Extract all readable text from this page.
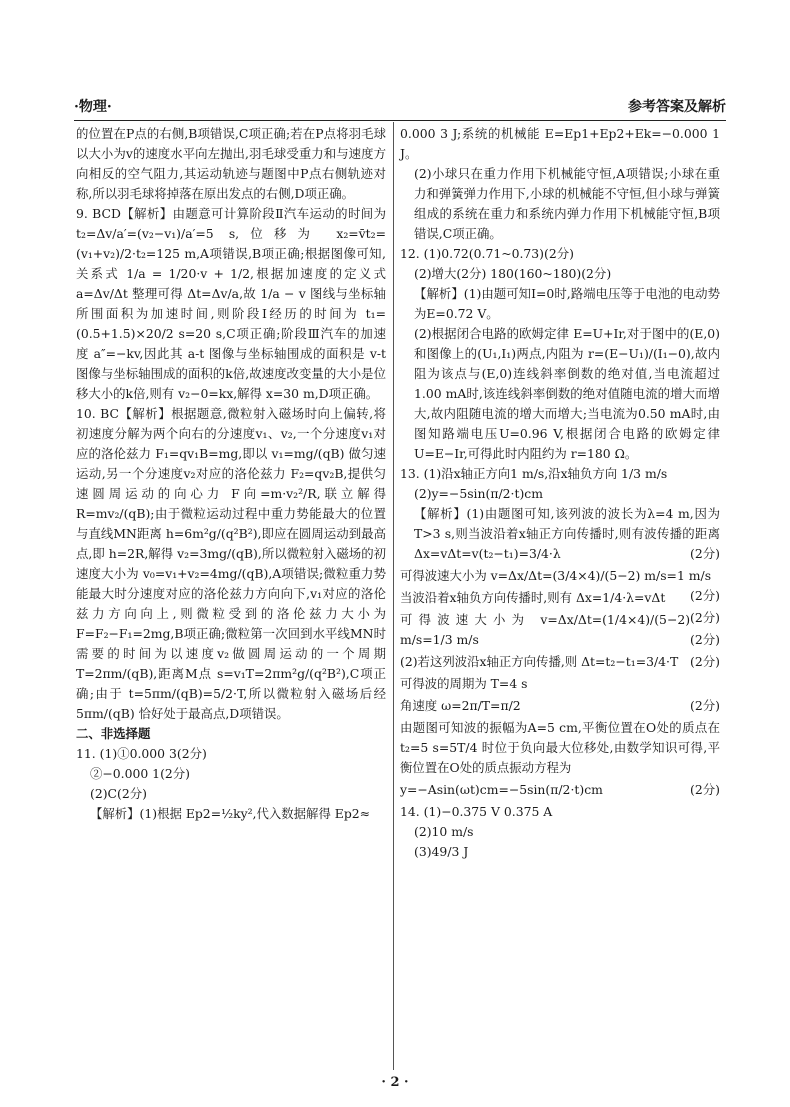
·物理·	参考答案及解析

的位置在P点的右侧,B项错误,C项正确;若在P点将羽毛球以大小为v的速度水平向左抛出,羽毛球受重力和与速度方向相反的空气阻力,其运动轨迹与题图中P点右侧轨迹对称,所以羽毛球将掉落在原出发点的右侧,D项正确。

9. BCD【解析】由题意可计算阶段Ⅱ汽车运动的时间为 t₂=Δv/a′=(v₂−v₁)/a′=5 s,位移为 x₂=v̄t₂=(v₁+v₂)/2·t₂=125 m,A项错误,B项正确;根据图像可知,关系式 1/a = 1/20·v + 1/2,根据加速度的定义式 a=Δv/Δt 整理可得 Δt=Δv/a,故 1/a − v 图线与坐标轴所围面积为加速时间,则阶段Ⅰ经历的时间为 t₁=(0.5+1.5)×20/2 s=20 s,C项正确;阶段Ⅲ汽车的加速度 a″=−kv,因此其 a-t 图像与坐标轴围成的面积是 v-t 图像与坐标轴围成的面积的k倍,故速度改变量的大小是位移大小的k倍,则有 v₂−0=kx,解得 x=30 m,D项正确。

10. BC【解析】根据题意,微粒射入磁场时向上偏转,将初速度分解为两个向右的分速度v₁、v₂,一个分速度v₁对应的洛伦兹力 F₁=qv₁B=mg,即以 v₁=mg/(qB) 做匀速运动,另一个分速度v₂对应的洛伦兹力 F₂=qv₂B,提供匀速圆周运动的向心力 F向=m·v₂²/R,联立解得 R=mv₂/(qB);由于微粒运动过程中重力势能最大的位置与直线MN距离 h=6m²g/(q²B²),即应在圆周运动到最高点,即 h=2R,解得 v₂=3mg/(qB),所以微粒射入磁场的初速度大小为 v₀=v₁+v₂=4mg/(qB),A项错误;微粒重力势能最大时分速度对应的洛伦兹力方向向下,v₁对应的洛伦兹力方向向上,则微粒受到的洛伦兹力大小为 F=F₂−F₁=2mg,B项正确;微粒第一次回到水平线MN时需要的时间为以速度v₂做圆周运动的一个周期 T=2πm/(qB),距离M点 s=v₁T=2πm²g/(q²B²),C项正确;由于 t=5πm/(qB)=5/2·T,所以微粒射入磁场后经 5πm/(qB) 恰好处于最高点,D项错误。

二、非选择题

11. (1)①0.000 3(2分)

②−0.000 1(2分)

(2)C(2分)

【解析】(1)根据 Ep2=½ky²,代入数据解得 Ep2≈

0.000 3 J;系统的机械能 E=Ep1+Ep2+Ek=−0.000 1 J。

(2)小球只在重力作用下机械能守恒,A项错误;小球在重力和弹簧弹力作用下,小球的机械能不守恒,但小球与弹簧组成的系统在重力和系统内弹力作用下机械能守恒,B项错误,C项正确。

12. (1)0.72(0.71~0.73)(2分)

(2)增大(2分) 180(160~180)(2分)

【解析】(1)由题可知I=0时,路端电压等于电池的电动势为E=0.72 V。

(2)根据闭合电路的欧姆定律 E=U+Ir,对于图中的(E,0)和图像上的(U₁,I₁)两点,内阻为 r=(E−U₁)/(I₁−0),故内阻为该点与(E,0)连线斜率倒数的绝对值,当电流超过1.00 mA时,该连线斜率倒数的绝对值随电流的增大而增大,故内阻随电流的增大而增大;当电流为0.50 mA时,由图知路端电压U=0.96 V,根据闭合电路的欧姆定律 U=E−Ir,可得此时内阻约为 r=180 Ω。

13. (1)沿x轴正方向1 m/s,沿x轴负方向 1/3 m/s

(2)y=−5sin(π/2·t)cm

【解析】(1)由题图可知,该列波的波长为λ=4 m,因为T>3 s,则当波沿着x轴正方向传播时,则有波传播的距离 Δx=vΔt=v(t₂−t₁)=3/4·λ	(2分)

可得波速大小为 v=Δx/Δt=(3/4×4)/(5−2) m/s=1 m/s
(2分)

当波沿着x轴负方向传播时,则有 Δx=1/4·λ=vΔt
(2分)

可得波速大小为 v=Δx/Δt=(1/4×4)/(5−2) m/s=1/3 m/s	(2分)

(2)若这列波沿x轴正方向传播,则 Δt=t₂−t₁=3/4·T (2分)

可得波的周期为 T=4 s

角速度 ω=2π/T=π/2	(2分)

由题图可知波的振幅为A=5 cm,平衡位置在O处的质点在 t₂=5 s=5T/4 时位于负向最大位移处,由数学知识可得,平衡位置在O处的质点振动方程为

y=−Asin(ωt)cm=−5sin(π/2·t)cm	(2分)

14. (1)−0.375 V 0.375 A

(2)10 m/s

(3)49/3 J

· 2 ·
